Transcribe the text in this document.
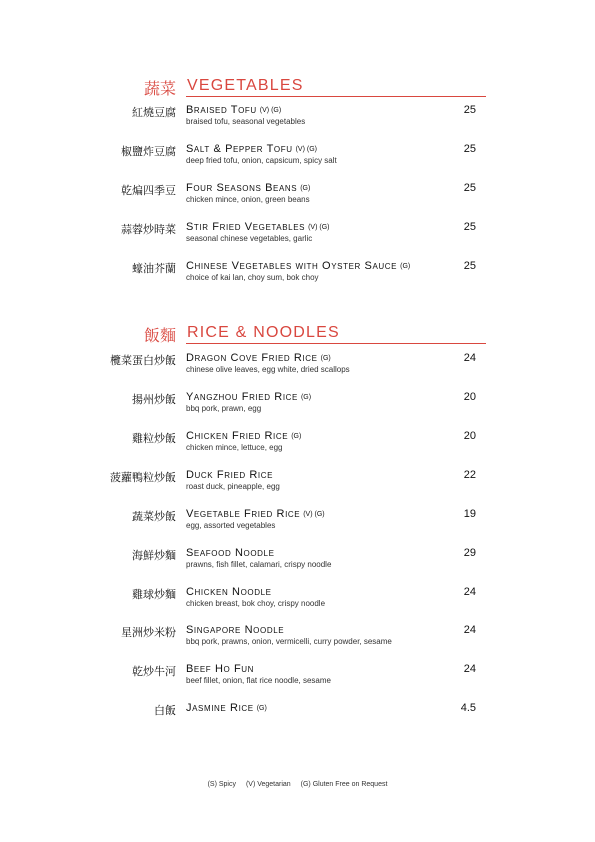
蔬菜 VEGETABLES
紅燒豆腐 Braised Tofu (V) (G)
braised tofu, seasonal vegetables
25
椒鹽炸豆腐 Salt & Pepper Tofu (V) (G)
deep fried tofu, onion, capsicum, spicy salt
25
乾煸四季豆 Four Seasons Beans (G)
chicken mince, onion, green beans
25
蒜蓉炒時菜 Stir Fried Vegetables (V) (G)
seasonal chinese vegetables, garlic
25
蠔油芥蘭 Chinese Vegetables with Oyster Sauce (G)
choice of kai lan, choy sum, bok choy
25
飯麵 RICE & NOODLES
欖菜蛋白炒飯 Dragon Cove Fried Rice (G)
chinese olive leaves, egg white, dried scallops
24
揚州炒飯 Yangzhou Fried Rice (G)
bbq pork, prawn, egg
20
雞粒炒飯 Chicken Fried Rice (G)
chicken mince, lettuce, egg
20
菠蘿鴨粒炒飯 Duck Fried Rice
roast duck, pineapple, egg
22
蔬菜炒飯 Vegetable Fried Rice (V) (G)
egg, assorted vegetables
19
海鮮炒麵 Seafood Noodle
prawns, fish fillet, calamari, crispy noodle
29
雞球炒麵 Chicken Noodle
chicken breast, bok choy, crispy noodle
24
星洲炒米粉 Singapore Noodle
bbq pork, prawns, onion, vermicelli, curry powder, sesame
24
乾炒牛河 Beef Ho Fun
beef fillet, onion, flat rice noodle, sesame
24
白飯 Jasmine Rice (G)	4.5
(S) Spicy (V) Vegetarian (G) Gluten Free on Request
